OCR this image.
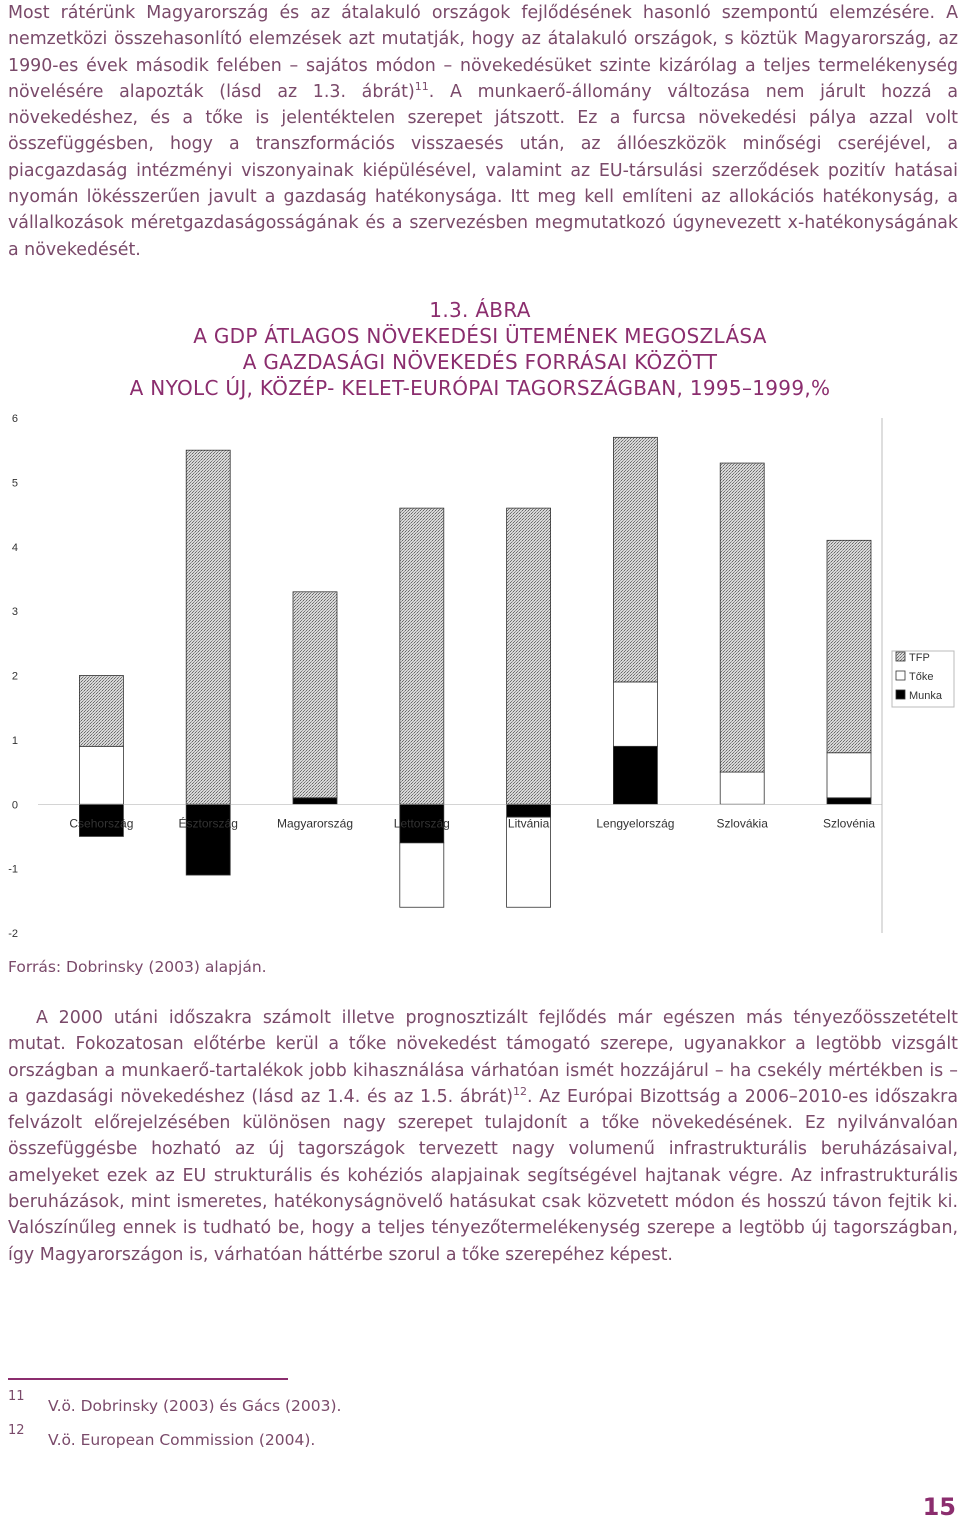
Most rátérünk Magyarország és az átalakuló országok fejlődésének hasonló szempontú elemzésére. A nemzetközi összehasonlító elemzések azt mutatják, hogy az átalakuló országok, s köztük Magyarország, az 1990-es évek második felében – sajátos módon – növekedésüket szinte kizárólag a teljes termelékenység növelésére alapozták (lásd az 1.3. ábrát)$^{11}$. A munkaerő-állomány változása nem járult hozzá a növekedéshez, és a tőke is jelentéktelen szerepet játszott. Ez a furcsa növekedési pálya azzal volt összefüggésben, hogy a transzformációs visszaesés után, az állóeszközök minőségi cseréjével, a piacgazdaság intézményi viszonyainak kiépülésével, valamint az EU-társulási szerződések pozitív hatásai nyomán lökésszerűen javult a gazdaság hatékonysága. Itt meg kell említeni az allokációs hatékonyság, a vállalkozások méretgazdaságosságának és a szervezésben megmutatkozó úgynevezett x-hatékonyságának a növekedését.
1.3. ÁBRA
A GDP ÁTLAGOS NÖVEKEDÉSI ÜTEMÉNEK MEGOSZLÁSA
A GAZDASÁGI NÖVEKEDÉS FORRÁSAI KÖZÖTT
A NYOLC ÚJ, KÖZÉP- KELET-EURÓPAI TAGORSZÁGBAN, 1995–1999,%
6
5
4
3
2
1
0
-1
-2
Csehország	Észtország	Magyarország	Lettország	Litvánia	Lengyelország	Szlovákia	Szlovénia
TFP
Tőke
Munka
Forrás: Dobrinsky (2003) alapján.
A 2000 utáni időszakra számolt illetve prognosztizált fejlődés már egészen más tényezőösszetételt mutat. Fokozatosan előtérbe kerül a tőke növekedést támogató szerepe, ugyanakkor a legtöbb vizsgált országban a munkaerő-tartalékok jobb kihasználása várhatóan ismét hozzájárul – ha csekély mértékben is – a gazdasági növekedéshez (lásd az 1.4. és az 1.5. ábrát)$^{12}$. Az Európai Bizottság a 2006–2010-es időszakra felvázolt előrejelzésében különösen nagy szerepet tulajdonít a tőke növekedésének. Ez nyilvánvalóan összefüggésbe hozható az új tagországok tervezett nagy volumenű infrastrukturális beruházásaival, amelyeket ezek az EU strukturális és kohéziós alapjainak segítségével hajtanak végre. Az infrastrukturális beruházások, mint ismeretes, hatékonyságnövelő hatásukat csak közvetett módon és hosszú távon fejtik ki. Valószínűleg ennek is tudható be, hogy a teljes tényezőtermelékenység szerepe a legtöbb új tagországban, így Magyarországon is, várhatóan háttérbe szorul a tőke szerepéhez képest.
11
V.ö. Dobrinsky (2003) és Gács (2003).
12
V.ö. European Commission (2004).
15
